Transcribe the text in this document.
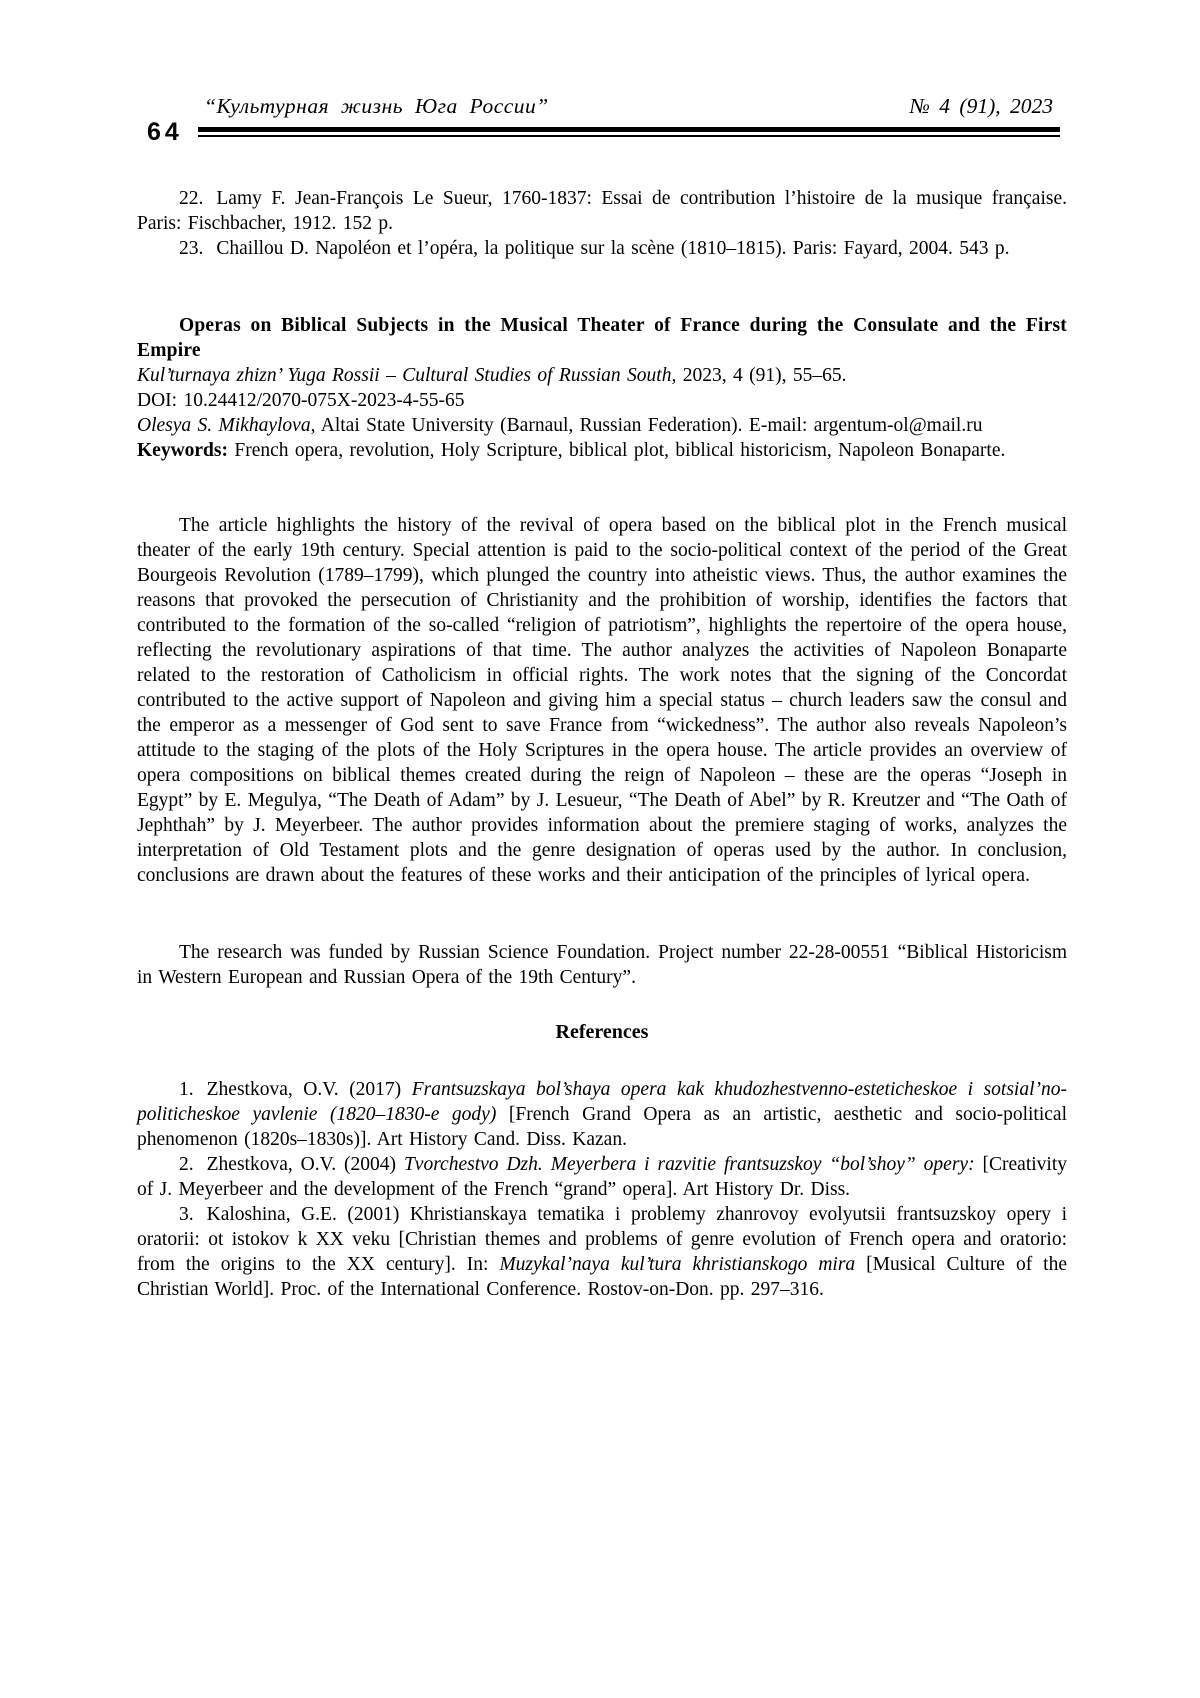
“Культурная жизнь Юга России”	№ 4 (91), 2023
64

22. Lamy F. Jean-François Le Sueur, 1760-1837: Essai de contribution l’histoire de la musique française. Paris: Fischbacher, 1912. 152 p.

23. Chaillou D. Napoléon et l’opéra, la politique sur la scène (1810–1815). Paris: Fayard, 2004. 543 p.

Operas on Biblical Subjects in the Musical Theater of France during the Consulate and the First Empire

Kul’turnaya zhizn’ Yuga Rossii – Cultural Studies of Russian South, 2023, 4 (91), 55–65.

DOI: 10.24412/2070-075X-2023-4-55-65

Olesya S. Mikhaylova, Altai State University (Barnaul, Russian Federation). E-mail: argentum-ol@mail.ru

Keywords: French opera, revolution, Holy Scripture, biblical plot, biblical historicism, Napoleon Bonaparte.

The article highlights the history of the revival of opera based on the biblical plot in the French musical theater of the early 19th century. Special attention is paid to the socio-political context of the period of the Great Bourgeois Revolution (1789–1799), which plunged the country into atheistic views. Thus, the author examines the reasons that provoked the persecution of Christianity and the prohibition of worship, identifies the factors that contributed to the formation of the so-called “religion of patriotism”, highlights the repertoire of the opera house, reflecting the revolutionary aspirations of that time. The author analyzes the activities of Napoleon Bonaparte related to the restoration of Catholicism in official rights. The work notes that the signing of the Concordat contributed to the active support of Napoleon and giving him a special status – church leaders saw the consul and the emperor as a messenger of God sent to save France from “wickedness”. The author also reveals Napoleon’s attitude to the staging of the plots of the Holy Scriptures in the opera house. The article provides an overview of opera compositions on biblical themes created during the reign of Napoleon – these are the operas “Joseph in Egypt” by E. Megulya, “The Death of Adam” by J. Lesueur, “The Death of Abel” by R. Kreutzer and “The Oath of Jephthah” by J. Meyerbeer. The author provides information about the premiere staging of works, analyzes the interpretation of Old Testament plots and the genre designation of operas used by the author. In conclusion, conclusions are drawn about the features of these works and their anticipation of the principles of lyrical opera.

The research was funded by Russian Science Foundation. Project number 22-28-00551 “Biblical Historicism in Western European and Russian Opera of the 19th Century”.

References

1. Zhestkova, O.V. (2017) Frantsuzskaya bol’shaya opera kak khudozhestvenno-esteticheskoe i sotsial’no-politicheskoe yavlenie (1820–1830-e gody) [French Grand Opera as an artistic, aesthetic and socio-political phenomenon (1820s–1830s)]. Art History Cand. Diss. Kazan.

2. Zhestkova, O.V. (2004) Tvorchestvo Dzh. Meyerbera i razvitie frantsuzskoy “bol’shoy” opery: [Creativity of J. Meyerbeer and the development of the French “grand” opera]. Art History Dr. Diss.

3. Kaloshina, G.E. (2001) Khristianskaya tematika i problemy zhanrovoy evolyutsii frantsuzskoy opery i oratorii: ot istokov k XX veku [Christian themes and problems of genre evolution of French opera and oratorio: from the origins to the XX century]. In: Muzykal’naya kul’tura khristianskogo mira [Musical Culture of the Christian World]. Proc. of the International Conference. Rostov-on-Don. pp. 297–316.
